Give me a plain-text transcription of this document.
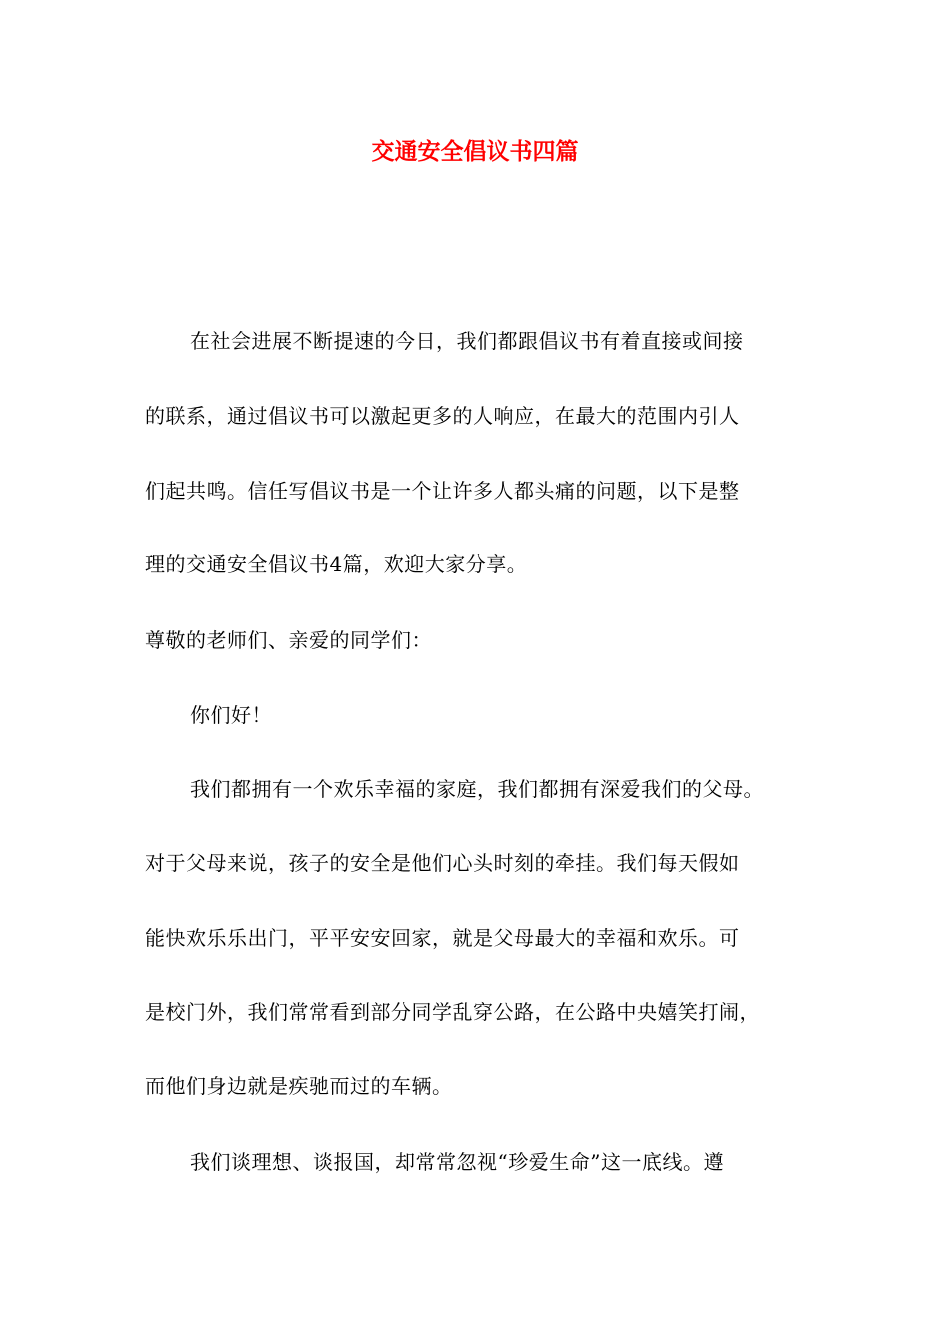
交通安全倡议书四篇
在社会进展不断提速的今日，我们都跟倡议书有着直接或间接
的联系，通过倡议书可以激起更多的人响应，在最大的范围内引人
们起共鸣。信任写倡议书是一个让许多人都头痛的问题，以下是整
理的交通安全倡议书4篇，欢迎大家分享。
尊敬的老师们、亲爱的同学们：
你们好！
我们都拥有一个欢乐幸福的家庭，我们都拥有深爱我们的父母。
对于父母来说，孩子的安全是他们心头时刻的牵挂。我们每天假如
能快欢乐乐出门，平平安安回家，就是父母最大的幸福和欢乐。可
是校门外，我们常常看到部分同学乱穿公路，在公路中央嬉笑打闹，
而他们身边就是疾驰而过的车辆。
我们谈理想、谈报国，却常常忽视“珍爱生命”这一底线。遵
